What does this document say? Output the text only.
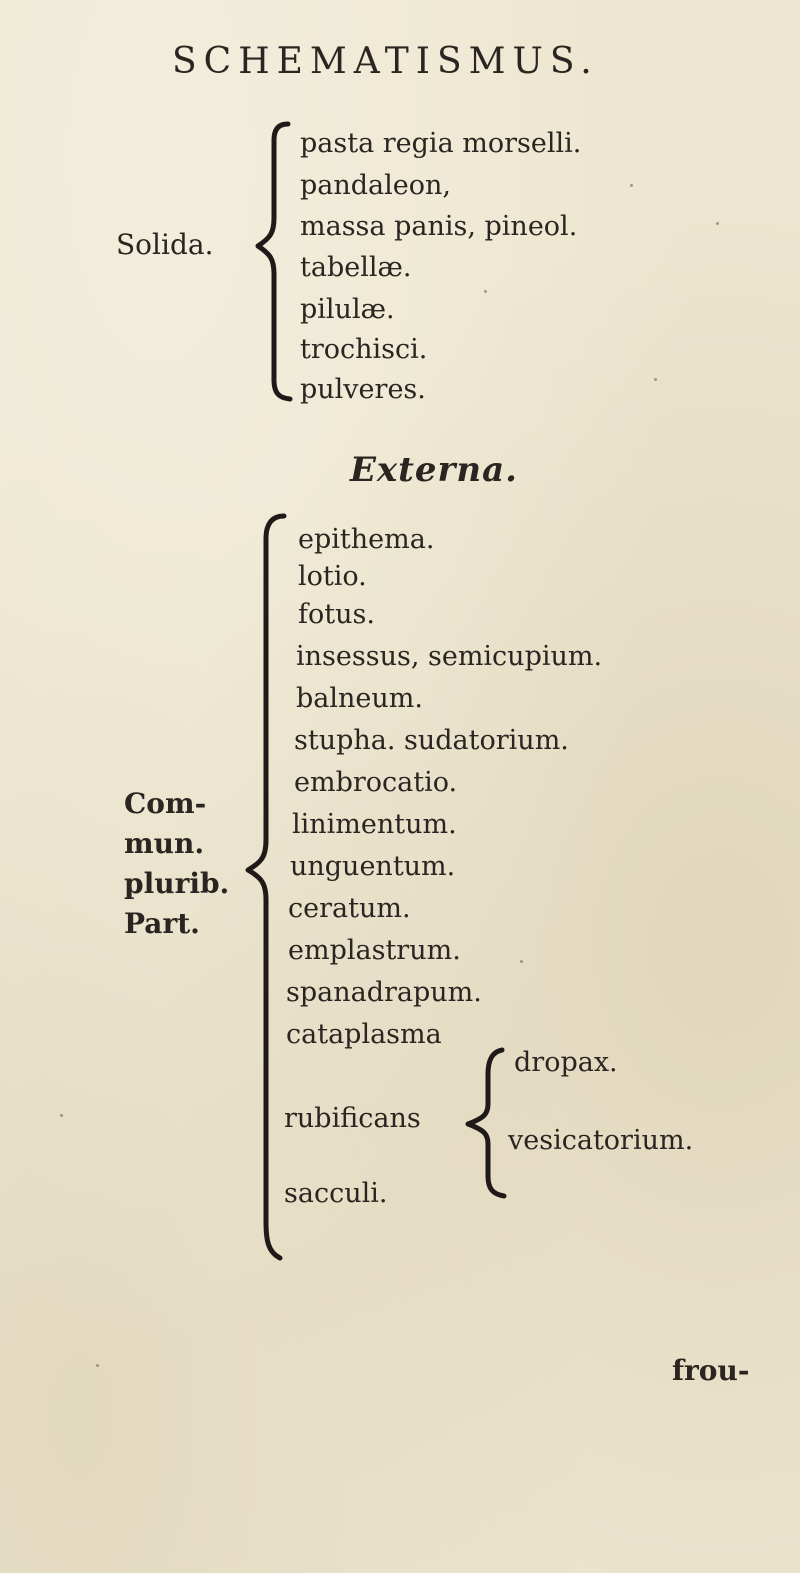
SCHEMATISMUS.
Solida.
pasta regia morselli.
pandaleon,
massa panis, pineol.
tabellæ.
pilulæ.
trochisci.
pulveres.
Externa.
Com-
mun.
plurib.
Part.
epithema.
lotio.
fotus.
insessus, semicupium.
balneum.
stupha. sudatorium.
embrocatio.
linimentum.
unguentum.
ceratum.
emplastrum.
spanadrapum.
cataplasma
rubificans
sacculi.
dropax.
vesicatorium.
frou-
